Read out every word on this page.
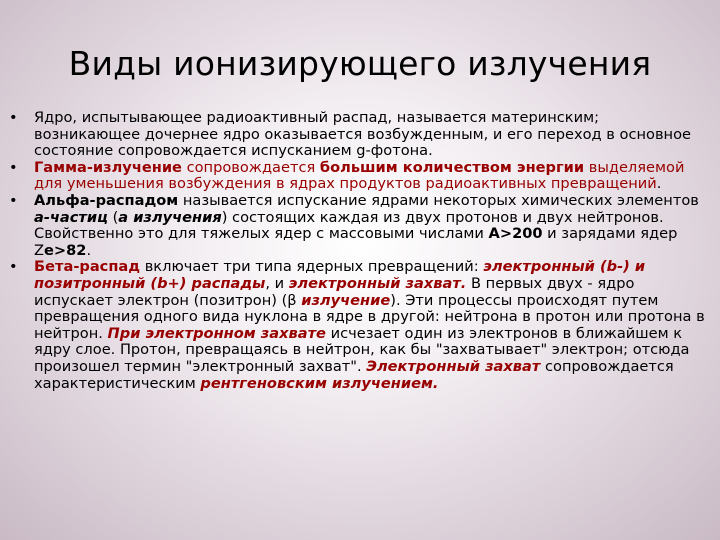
Виды ионизирующего излучения
• Ядро, испытывающее радиоактивный распад, называется материнским; возникающее дочернее ядро оказывается возбужденным, и его переход в основное состояние сопровождается испусканием g-фотона.
• Гамма-излучение сопровождается большим количеством энергии выделяемой для уменьшения возбуждения в ядрах продуктов радиоактивных превращений.
• Альфа-распадом называется испускание ядрами некоторых химических элементов a-частиц (a излучения) состоящих каждая из двух протонов и двух нейтронов. Свойственно это для тяжелых ядер с массовыми числами A>200 и зарядами ядер Ze>82.
• Бета-распад включает три типа ядерных превращений: электронный (b-) и позитронный (b+) распады, и электронный захват. В первых двух - ядро испускает электрон (позитрон) (β излучение). Эти процессы происходят путем превращения одного вида нуклона в ядре в другой: нейтрона в протон или протона в нейтрон. При электронном захвате исчезает один из электронов в ближайшем к ядру слое. Протон, превращаясь в нейтрон, как бы "захватывает" электрон; отсюда произошел термин "электронный захват". Электронный захват сопровождается характеристическим рентгеновским излучением.
